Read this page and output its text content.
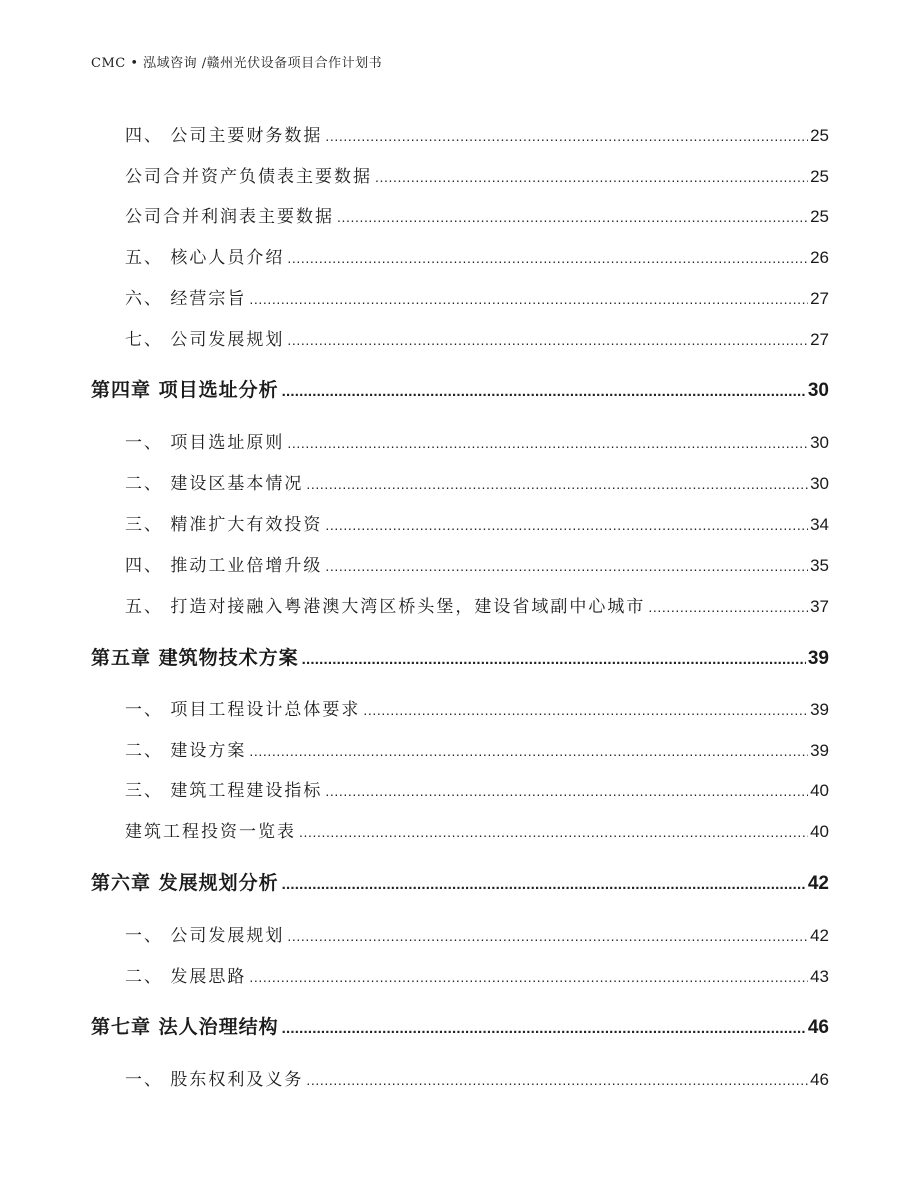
CMC • 泓域咨询 /赣州光伏设备项目合作计划书
四、 公司主要财务数据 .....	25
公司合并资产负债表主要数据 .....	25
公司合并利润表主要数据 .....	25
五、 核心人员介绍 .....	26
六、 经营宗旨 .....	27
七、 公司发展规划 .....	27
第四章 项目选址分析 .....	30
一、 项目选址原则 .....	30
二、 建设区基本情况 .....	30
三、 精准扩大有效投资 .....	34
四、 推动工业倍增升级 .....	35
五、 打造对接融入粤港澳大湾区桥头堡，建设省域副中心城市 .....	37
第五章 建筑物技术方案 .....	39
一、 项目工程设计总体要求 .....	39
二、 建设方案 .....	39
三、 建筑工程建设指标 .....	40
建筑工程投资一览表 .....	40
第六章 发展规划分析 .....	42
一、 公司发展规划 .....	42
二、 发展思路 .....	43
第七章 法人治理结构 .....	46
一、 股东权利及义务 .....	46
